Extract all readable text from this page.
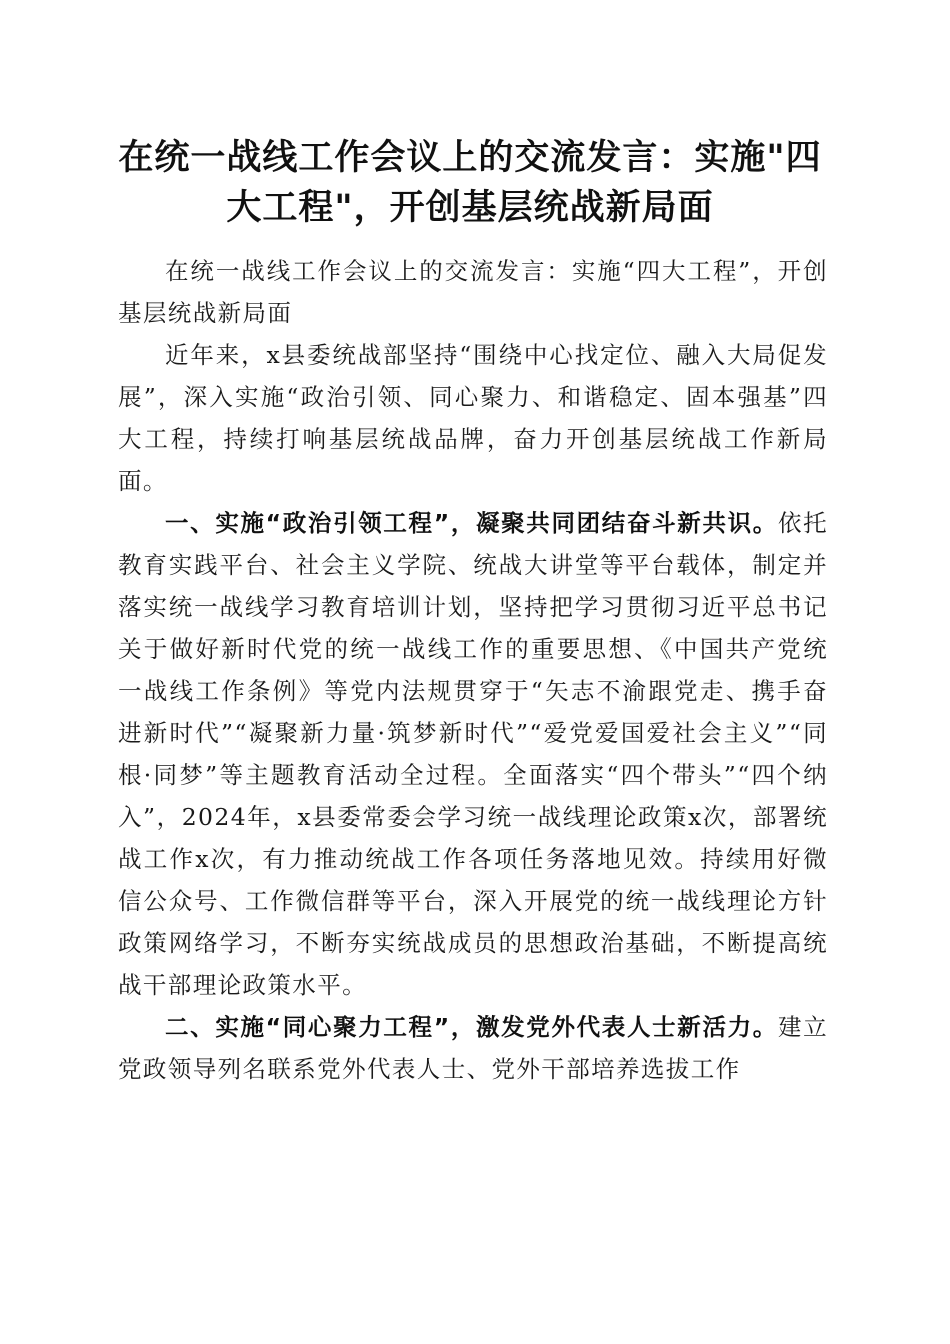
在统一战线工作会议上的交流发言：实施"四大工程"，开创基层统战新局面

在统一战线工作会议上的交流发言：实施“四大工程”，开创基层统战新局面

近年来，x县委统战部坚持“围绕中心找定位、融入大局促发展”，深入实施“政治引领、同心聚力、和谐稳定、固本强基”四大工程，持续打响基层统战品牌，奋力开创基层统战工作新局面。

一、实施“政治引领工程”，凝聚共同团结奋斗新共识。依托教育实践平台、社会主义学院、统战大讲堂等平台载体，制定并落实统一战线学习教育培训计划，坚持把学习贯彻习近平总书记关于做好新时代党的统一战线工作的重要思想、《中国共产党统一战线工作条例》等党内法规贯穿于“矢志不渝跟党走、携手奋进新时代”“凝聚新力量·筑梦新时代”“爱党爱国爱社会主义”“同根·同梦”等主题教育活动全过程。全面落实“四个带头”“四个纳入”，2024年，x县委常委会学习统一战线理论政策x次，部署统战工作x次，有力推动统战工作各项任务落地见效。持续用好微信公众号、工作微信群等平台，深入开展党的统一战线理论方针政策网络学习，不断夯实统战成员的思想政治基础，不断提高统战干部理论政策水平。

二、实施“同心聚力工程”，激发党外代表人士新活力。建立党政领导列名联系党外代表人士、党外干部培养选拔工作
